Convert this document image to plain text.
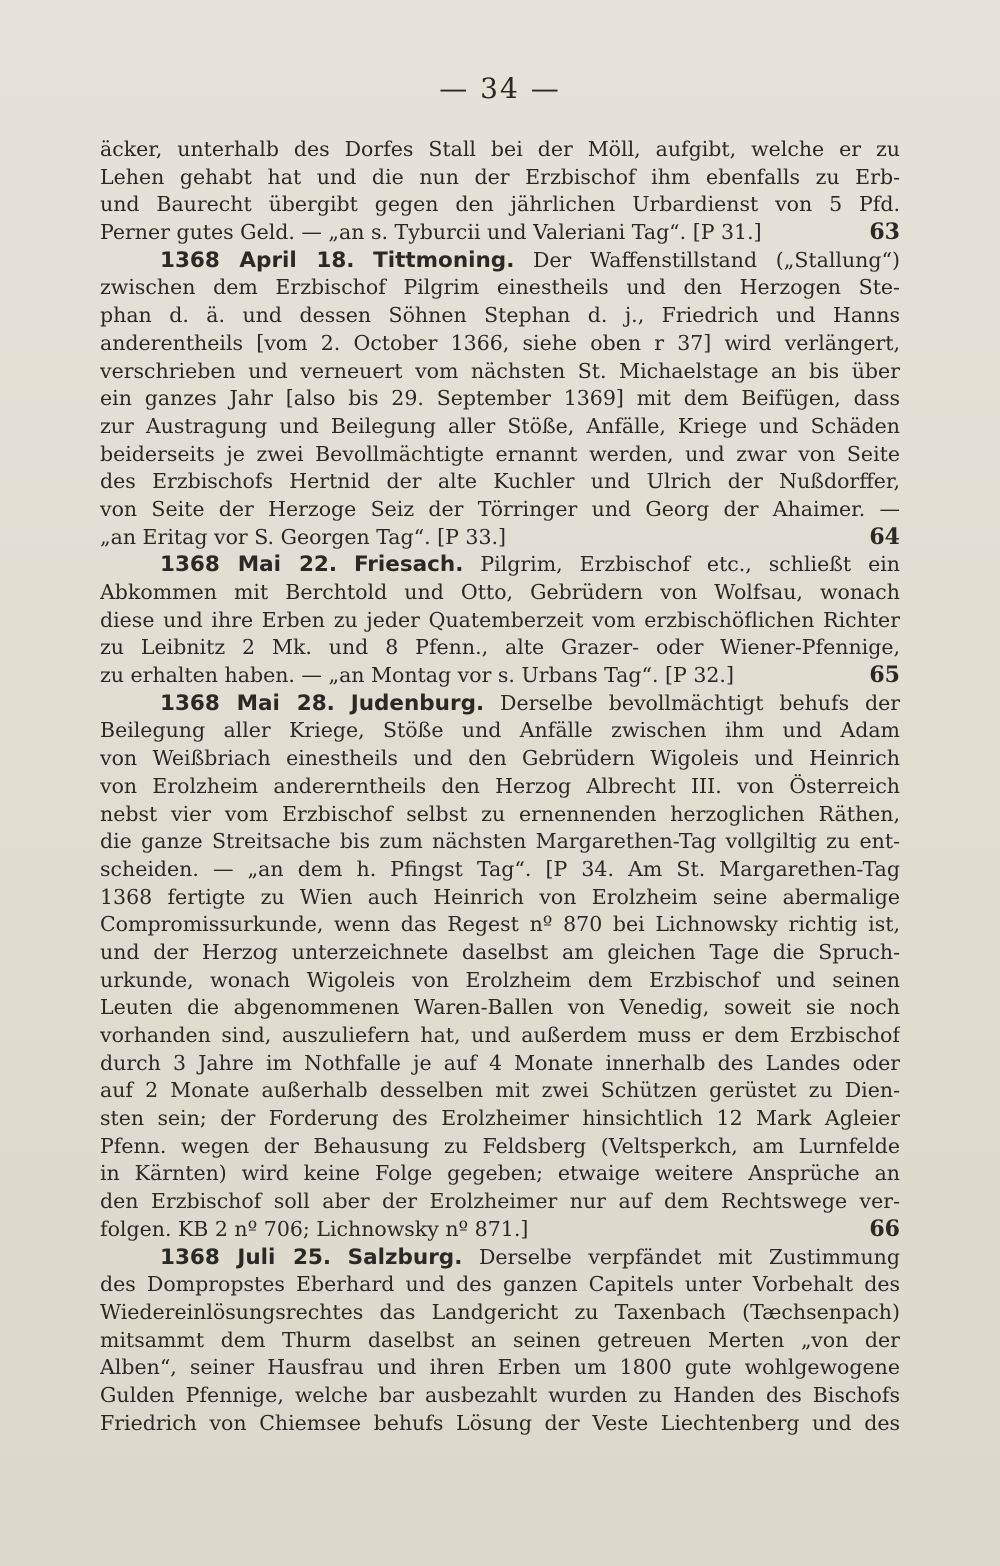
— 34 —
äcker, unterhalb des Dorfes Stall bei der Möll, aufgibt, welche er zu
Lehen gehabt hat und die nun der Erzbischof ihm ebenfalls zu Erb-
und Baurecht übergibt gegen den jährlichen Urbardienst von 5 Pfd.
63
Perner gutes Geld. — „an s. Tyburcii und Valeriani Tag“. [P 31.]
1368 April 18. Tittmoning. Der Waffenstillstand („Stallung“)
zwischen dem Erzbischof Pilgrim einestheils und den Herzogen Ste-
phan d. ä. und dessen Söhnen Stephan d. j., Friedrich und Hanns
anderentheils [vom 2. October 1366, siehe oben r 37] wird verlängert,
verschrieben und verneuert vom nächsten St. Michaelstage an bis über
ein ganzes Jahr [also bis 29. September 1369] mit dem Beifügen, dass
zur Austragung und Beilegung aller Stöße, Anfälle, Kriege und Schäden
beiderseits je zwei Bevollmächtigte ernannt werden, und zwar von Seite
des Erzbischofs Hertnid der alte Kuchler und Ulrich der Nußdorffer,
von Seite der Herzoge Seiz der Törringer und Georg der Ahaimer. —
64
„an Eritag vor S. Georgen Tag“. [P 33.]
1368 Mai 22. Friesach. Pilgrim, Erzbischof etc., schließt ein
Abkommen mit Berchtold und Otto, Gebrüdern von Wolfsau, wonach
diese und ihre Erben zu jeder Quatemberzeit vom erzbischöflichen Richter
zu Leibnitz 2 Mk. und 8 Pfenn., alte Grazer- oder Wiener-Pfennige,
65
zu erhalten haben. — „an Montag vor s. Urbans Tag“. [P 32.]
1368 Mai 28. Judenburg. Derselbe bevollmächtigt behufs der
Beilegung aller Kriege, Stöße und Anfälle zwischen ihm und Adam
von Weißbriach einestheils und den Gebrüdern Wigoleis und Heinrich
von Erolzheim andererntheils den Herzog Albrecht III. von Österreich
nebst vier vom Erzbischof selbst zu ernennenden herzoglichen Räthen,
die ganze Streitsache bis zum nächsten Margarethen-Tag vollgiltig zu ent-
scheiden. — „an dem h. Pfingst Tag“. [P 34. Am St. Margarethen-Tag
1368 fertigte zu Wien auch Heinrich von Erolzheim seine abermalige
Compromissurkunde, wenn das Regest nº 870 bei Lichnowsky richtig ist,
und der Herzog unterzeichnete daselbst am gleichen Tage die Spruch-
urkunde, wonach Wigoleis von Erolzheim dem Erzbischof und seinen
Leuten die abgenommenen Waren-Ballen von Venedig, soweit sie noch
vorhanden sind, auszuliefern hat, und außerdem muss er dem Erzbischof
durch 3 Jahre im Nothfalle je auf 4 Monate innerhalb des Landes oder
auf 2 Monate außerhalb desselben mit zwei Schützen gerüstet zu Dien-
sten sein; der Forderung des Erolzheimer hinsichtlich 12 Mark Agleier
Pfenn. wegen der Behausung zu Feldsberg (Veltsperkch, am Lurnfelde
in Kärnten) wird keine Folge gegeben; etwaige weitere Ansprüche an
den Erzbischof soll aber der Erolzheimer nur auf dem Rechtswege ver-
66
folgen. KB 2 nº 706; Lichnowsky nº 871.]
1368 Juli 25. Salzburg. Derselbe verpfändet mit Zustimmung
des Dompropstes Eberhard und des ganzen Capitels unter Vorbehalt des
Wiedereinlösungsrechtes das Landgericht zu Taxenbach (Tæchsenpach)
mitsammt dem Thurm daselbst an seinen getreuen Merten „von der
Alben“, seiner Hausfrau und ihren Erben um 1800 gute wohlgewogene
Gulden Pfennige, welche bar ausbezahlt wurden zu Handen des Bischofs
Friedrich von Chiemsee behufs Lösung der Veste Liechtenberg und des
